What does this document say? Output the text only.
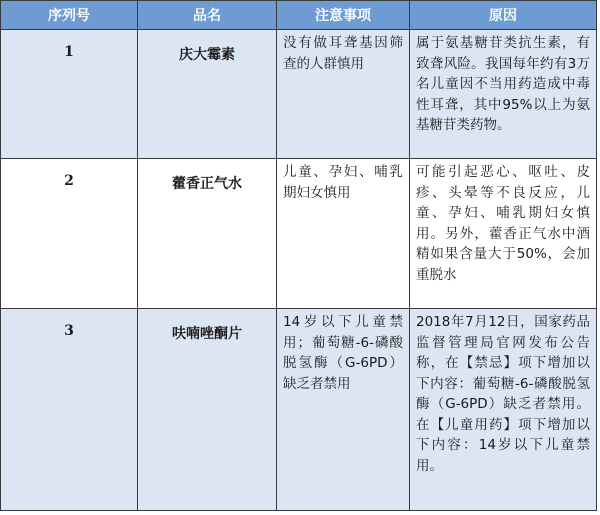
序列号	品名	注意事项	原因
1	庆大霉素	没有做耳聋基因筛查的人群慎用	属于氨基糖苷类抗生素，有致聋风险。我国每年约有3万名儿童因不当用药造成中毒性耳聋，其中95%以上为氨基糖苷类药物。
2	藿香正气水	儿童、孕妇、哺乳期妇女慎用	可能引起恶心、呕吐、皮疹、头晕等不良反应，儿童、孕妇、哺乳期妇女慎用。另外，藿香正气水中酒精如果含量大于50%，会加重脱水
3	呋喃唑酮片	14岁以下儿童禁用；葡萄糖-6-磷酸脱氢酶（G-6PD）缺乏者禁用	2018年7月12日，国家药品监督管理局官网发布公告称，在【禁忌】项下增加以下内容：葡萄糖-6-磷酸脱氢酶（G-6PD）缺乏者禁用。在【儿童用药】项下增加以下内容：14岁以下儿童禁用。
